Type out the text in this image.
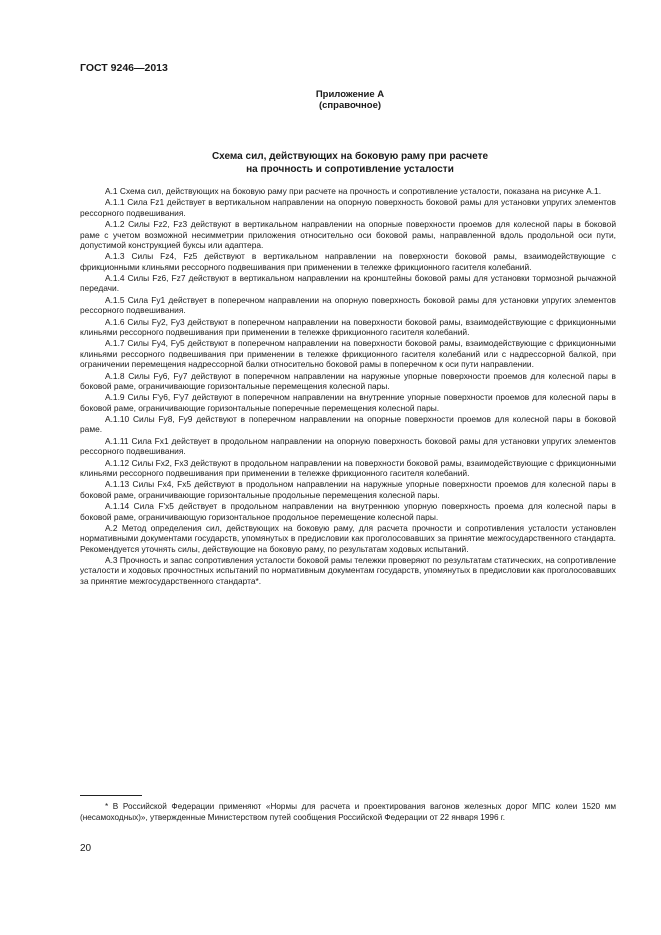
ГОСТ 9246—2013
Приложение А
(справочное)
Схема сил, действующих на боковую раму при расчете
на прочность и сопротивление усталости

А.1 Схема сил, действующих на боковую раму при расчете на прочность и сопротивление усталости, показана на рисунке А.1.

А.1.1 Сила Fz1 действует в вертикальном направлении на опорную поверхность боковой рамы для установки упругих элементов рессорного подвешивания.

А.1.2 Силы Fz2, Fz3 действуют в вертикальном направлении на опорные поверхности проемов для колесной пары в боковой раме с учетом возможной несимметрии приложения относительно оси боковой рамы, направленной вдоль продольной оси пути, допустимой конструкцией буксы или адаптера.

А.1.3 Силы Fz4, Fz5 действуют в вертикальном направлении на поверхности боковой рамы, взаимодействующие с фрикционными клиньями рессорного подвешивания при применении в тележке фрикционного гасителя колебаний.

А.1.4 Силы Fz6, Fz7 действуют в вертикальном направлении на кронштейны боковой рамы для установки тормозной рычажной передачи.

А.1.5 Сила Fy1 действует в поперечном направлении на опорную поверхность боковой рамы для установки упругих элементов рессорного подвешивания.

А.1.6 Силы Fy2, Fy3 действуют в поперечном направлении на поверхности боковой рамы, взаимодействующие с фрикционными клиньями рессорного подвешивания при применении в тележке фрикционного гасителя колебаний.

А.1.7 Силы Fy4, Fy5 действуют в поперечном направлении на поверхности боковой рамы, взаимодействующие с фрикционными клиньями рессорного подвешивания при применении в тележке фрикционного гасителя колебаний или с надрессорной балкой, при ограничении перемещения надрессорной балки относительно боковой рамы в поперечном к оси пути направлении.

А.1.8 Силы Fy6, Fy7 действуют в поперечном направлении на наружные упорные поверхности проемов для колесной пары в боковой раме, ограничивающие горизонтальные перемещения колесной пары.

А.1.9 Силы F'y6, F'y7 действуют в поперечном направлении на внутренние упорные поверхности проемов для колесной пары в боковой раме, ограничивающие горизонтальные поперечные перемещения колесной пары.

А.1.10 Силы Fy8, Fy9 действуют в поперечном направлении на опорные поверхности проемов для колесной пары в боковой раме.

А.1.11 Сила Fx1 действует в продольном направлении на опорную поверхность боковой рамы для установки упругих элементов рессорного подвешивания.

А.1.12 Силы Fx2, Fx3 действуют в продольном направлении на поверхности боковой рамы, взаимодействующие с фрикционными клиньями рессорного подвешивания при применении в тележке фрикционного гасителя колебаний.

А.1.13 Силы Fx4, Fx5 действуют в продольном направлении на наружные упорные поверхности проемов для колесной пары в боковой раме, ограничивающие горизонтальные продольные перемещения колесной пары.

А.1.14 Сила F'x5 действует в продольном направлении на внутреннюю упорную поверхность проема для колесной пары в боковой раме, ограничивающую горизонтальное продольное перемещение колесной пары.

А.2 Метод определения сил, действующих на боковую раму, для расчета прочности и сопротивления усталости установлен нормативными документами государств, упомянутых в предисловии как проголосовавших за принятие межгосударственного стандарта. Рекомендуется уточнять силы, действующие на боковую раму, по результатам ходовых испытаний.

А.3 Прочность и запас сопротивления усталости боковой рамы тележки проверяют по результатам статических, на сопротивление усталости и ходовых прочностных испытаний по нормативным документам государств, упомянутых в предисловии как проголосовавших за принятие межгосударственного стандарта*.

* В Российской Федерации применяют «Нормы для расчета и проектирования вагонов железных дорог МПС колеи 1520 мм (несамоходных)», утвержденные Министерством путей сообщения Российской Федерации от 22 января 1996 г.
20
